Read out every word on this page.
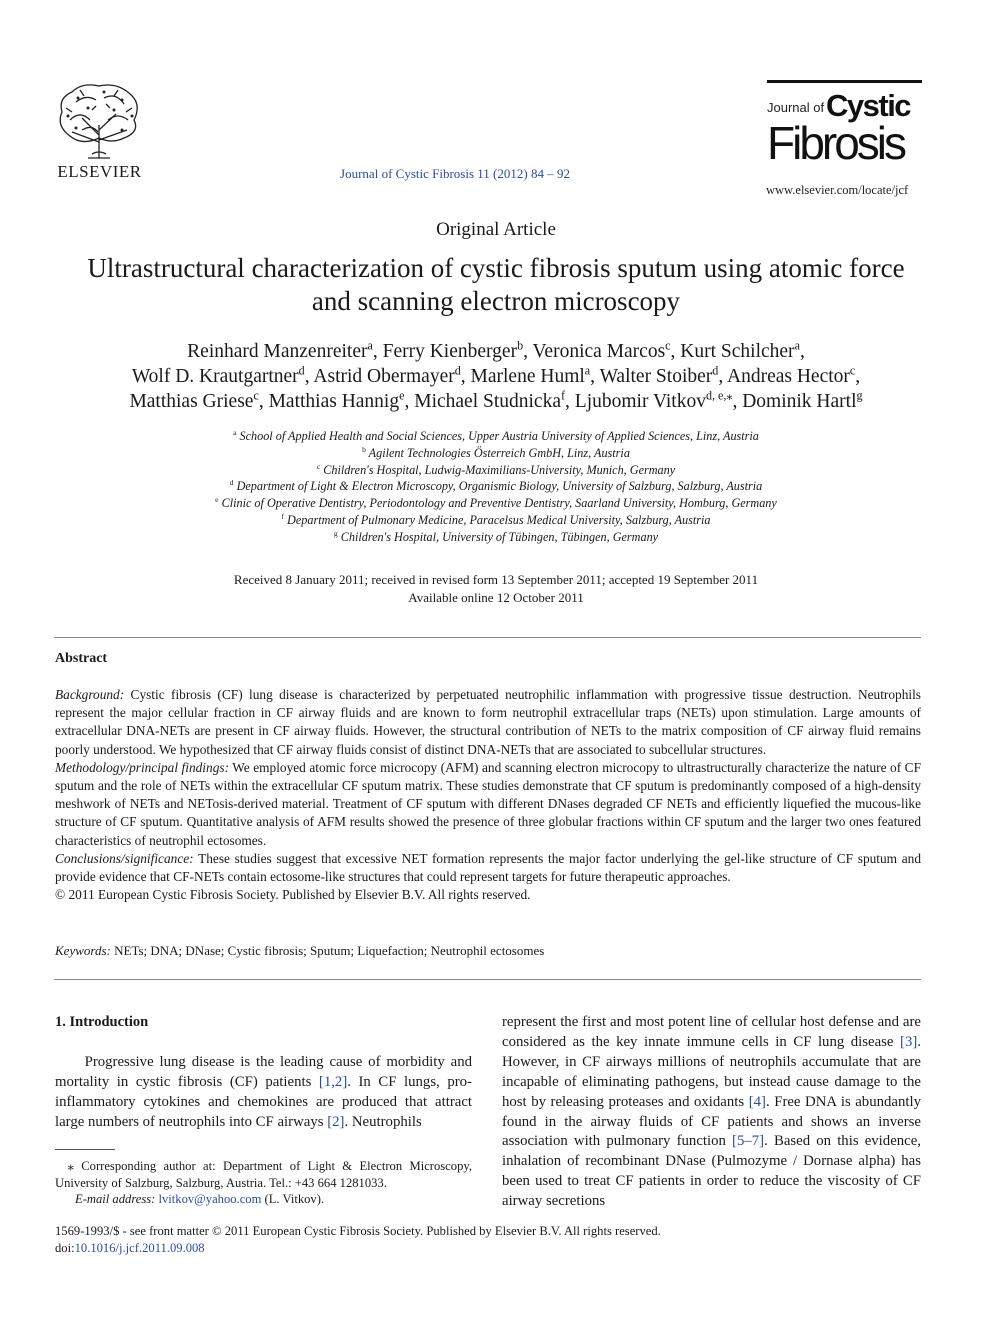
ELSEVIER	Journal of Cystic Fibrosis 11 (2012) 84 – 92
Journal of Cystic
Fibrosis
www.elsevier.com/locate/jcf
Original Article
Ultrastructural characterization of cystic fibrosis sputum using atomic force
and scanning electron microscopy
Reinhard Manzenreiter$^a$, Ferry Kienberger$^b$, Veronica Marcos$^c$, Kurt Schilcher$^a$,
Wolf D. Krautgartner$^d$, Astrid Obermayer$^d$, Marlene Huml$^a$, Walter Stoiber$^d$, Andreas Hector$^c$,
Matthias Griese$^c$, Matthias Hannig$^e$, Michael Studnicka$^f$, Ljubomir Vitkov$^{d, e,⁎}$, Dominik Hartl$^g$
$^a$ School of Applied Health and Social Sciences, Upper Austria University of Applied Sciences, Linz, Austria
$^b$ Agilent Technologies Österreich GmbH, Linz, Austria
$^c$ Children's Hospital, Ludwig-Maximilians-University, Munich, Germany
$^d$ Department of Light & Electron Microscopy, Organismic Biology, University of Salzburg, Salzburg, Austria
$^e$ Clinic of Operative Dentistry, Periodontology and Preventive Dentistry, Saarland University, Homburg, Germany
$^f$ Department of Pulmonary Medicine, Paracelsus Medical University, Salzburg, Austria
$^g$ Children's Hospital, University of Tübingen, Tübingen, Germany
Received 8 January 2011; received in revised form 13 September 2011; accepted 19 September 2011
Available online 12 October 2011
Abstract

Background: Cystic fibrosis (CF) lung disease is characterized by perpetuated neutrophilic inflammation with progressive tissue destruction. Neutrophils represent the major cellular fraction in CF airway fluids and are known to form neutrophil extracellular traps (NETs) upon stimulation. Large amounts of extracellular DNA-NETs are present in CF airway fluids. However, the structural contribution of NETs to the matrix composition of CF airway fluid remains poorly understood. We hypothesized that CF airway fluids consist of distinct DNA-NETs that are associated to subcellular structures.

Methodology/principal findings: We employed atomic force microcopy (AFM) and scanning electron microcopy to ultrastructurally characterize the nature of CF sputum and the role of NETs within the extracellular CF sputum matrix. These studies demonstrate that CF sputum is predominantly composed of a high-density meshwork of NETs and NETosis-derived material. Treatment of CF sputum with different DNases degraded CF NETs and efficiently liquefied the mucous-like structure of CF sputum. Quantitative analysis of AFM results showed the presence of three globular fractions within CF sputum and the larger two ones featured characteristics of neutrophil ectosomes.

Conclusions/significance: These studies suggest that excessive NET formation represents the major factor underlying the gel-like structure of CF sputum and provide evidence that CF-NETs contain ectosome-like structures that could represent targets for future therapeutic approaches.

© 2011 European Cystic Fibrosis Society. Published by Elsevier B.V. All rights reserved.

Keywords: NETs; DNA; DNase; Cystic fibrosis; Sputum; Liquefaction; Neutrophil ectosomes
1. Introduction

  Progressive lung disease is the leading cause of morbidity and mortality in cystic fibrosis (CF) patients [1,2]. In CF lungs, pro-inflammatory cytokines and chemokines are produced that attract large numbers of neutrophils into CF airways [2]. Neutrophils

represent the first and most potent line of cellular host defense and are considered as the key innate immune cells in CF lung disease [3]. However, in CF airways millions of neutrophils accumulate that are incapable of eliminating pathogens, but instead cause damage to the host by releasing proteases and oxidants [4]. Free DNA is abundantly found in the airway fluids of CF patients and shows an inverse association with pulmonary function [5–7]. Based on this evidence, inhalation of recombinant DNase (Pulmozyme / Dornase alpha) has been used to treat CF patients in order to reduce the viscosity of CF airway secretions

 ⁎ Corresponding author at: Department of Light & Electron Microscopy, University of Salzburg, Salzburg, Austria. Tel.: +43 664 1281033.
E-mail address: lvitkov@yahoo.com (L. Vitkov).
1569-1993/$ - see front matter © 2011 European Cystic Fibrosis Society. Published by Elsevier B.V. All rights reserved.
doi:10.1016/j.jcf.2011.09.008
